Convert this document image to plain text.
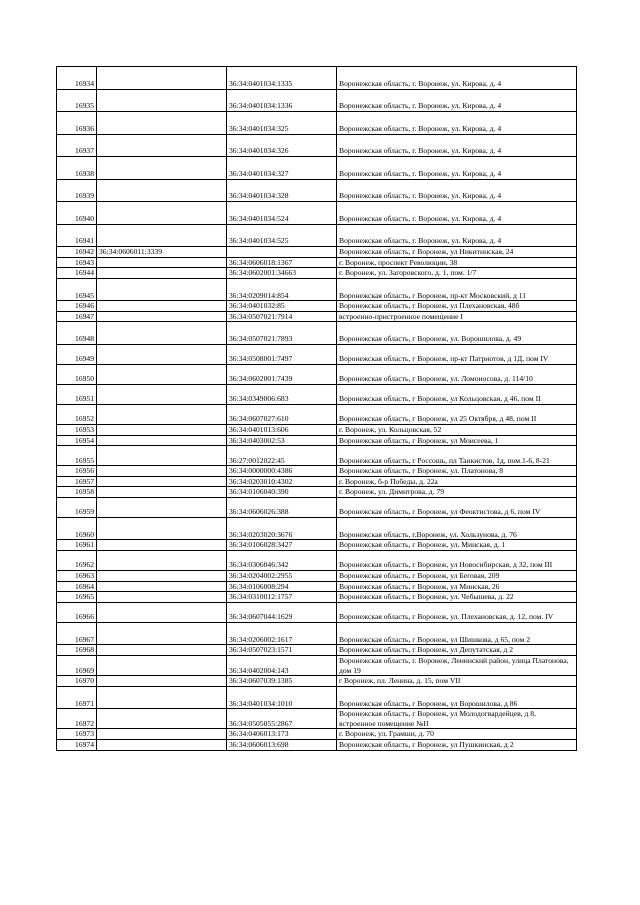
16934		36:34:0401034:1335	Воронежская область, г. Воронеж, ул. Кирова, д. 4
16935		36:34:0401034:1336	Воронежская область, г. Воронеж, ул. Кирова, д. 4
16936		36:34:0401034:325	Воронежская область, г. Воронеж, ул. Кирова, д. 4
16937		36:34:0401034:326	Воронежская область, г. Воронеж, ул. Кирова, д. 4
16938		36:34:0401034:327	Воронежская область, г. Воронеж, ул. Кирова, д. 4
16939		36:34:0401034:328	Воронежская область, г. Воронеж, ул. Кирова, д. 4
16940		36:34:0401034:524	Воронежская область, г. Воронеж, ул. Кирова, д. 4
16941		36:34:0401034:525	Воронежская область, г. Воронеж, ул. Кирова, д. 4
16942	36:34:0606011:3339		Воронежская область, г Воронеж, ул Никитинская, 24
16943		36:34:0606018:1367	г. Воронеж, проспект Революции, 38
16944		36:34:0602001:34663	г. Воронеж, ул. Загоровского, д. 1, пом. 1/7
16945		36:34:0209014:854	Воронежская область, г Воронеж, пр-кт Московский, д 11
16946		36:34:0401032:85	Воронежская область, г Воронеж, ул Плехановская, 48б
16947		36:34:0507021:7914	встроенно-пристроенное помещение I
16948		36:34:0507021:7893	Воронежская область, г Воронеж, ул. Ворошилова, д. 49
16949		36:34:0508001:7497	Воронежская область, г Воронеж, пр-кт Патриотов, д 1Д, пом IV
16950		36:34:0602001:7439	Воронежская область, г Воронеж, ул. Ломоносова, д. 114/10
16951		36:34:0349006:683	Воронежская область, г Воронеж, ул Кольцовская, д 46, пом II
16952		36:34:0607027:610	Воронежская область, г Воронеж, ул 25 Октября, д 48, пом II
16953		36:34:0401013:606	г. Воронеж, ул. Кольцовская, 52
16954		36:34:0403002:53	Воронежская область, г Воронеж, ул Моисеева, 1
16955		36:27:0012022:45	Воронежская область, г Россошь, пл Танкистов, 1д, пом.1-6, 8-21
16956		36:34:0000000:4386	Воронежская область, г Воронеж, ул. Платонова, 8
16957		36:34:0203010:4302	г. Воронеж, б-р Победы, д. 22а
16958		36:34:0106040:390	г. Воронеж, ул. Димитрова, д. 79
16959		36:34:0606026:388	Воронежская область, г Воронеж, ул Феоктистова, д 6, пом IV
16960		36:34:0203020:3676	Воронежская область, г.Воронеж, ул. Хользунова, д. 76
16961		36:34:0106028:3427	Воронежская область, г Воронеж, ул. Минская, д. 1
16962		36:34:0306046:342	Воронежская область, г Воронеж, ул Новосибирская, д 32, пом III
16963		36:34:0204002:2955	Воронежская область, г Воронеж, ул Беговая, 209
16964		36:34:0106008:294	Воронежская область, г Воронеж, ул Минская, 26
16965		36:34:0310012:1757	Воронежская область, г Воронеж, ул. Чебышева, д. 22
16966		36:34:0607044:1629	Воронежская область, г Воронеж, ул. Плехановская, д. 12, пом. IV
16967		36:34:0206002:1617	Воронежская область, г Воронеж, ул Шишкова, д 65, пом 2
16968		36:34:0507023:1571	Воронежская область, г Воронеж, ул Депутатская, д 2
16969		36:34:0402004:143	Воронежская область, г. Воронеж, Ленинский район, улица Платонова, дом 19
16970		36:34:0607039:1385	г Воронеж, пл. Ленина, д. 15, пом VII
16971		36:34:0401034:1010	Воронежская область, г Воронеж, ул Ворошилова, д 86
16972		36:34:0505055:2867	Воронежская область, г Воронеж, ул Молодогвардейцев, д 8, встроенное помещение №II
16973		36:34:0406013:173	г. Воронеж, ул. Грамши, д. 70
16974		36:34:0606013:698	Воронежская область, г Воронеж, ул Пушкинская, д 2
